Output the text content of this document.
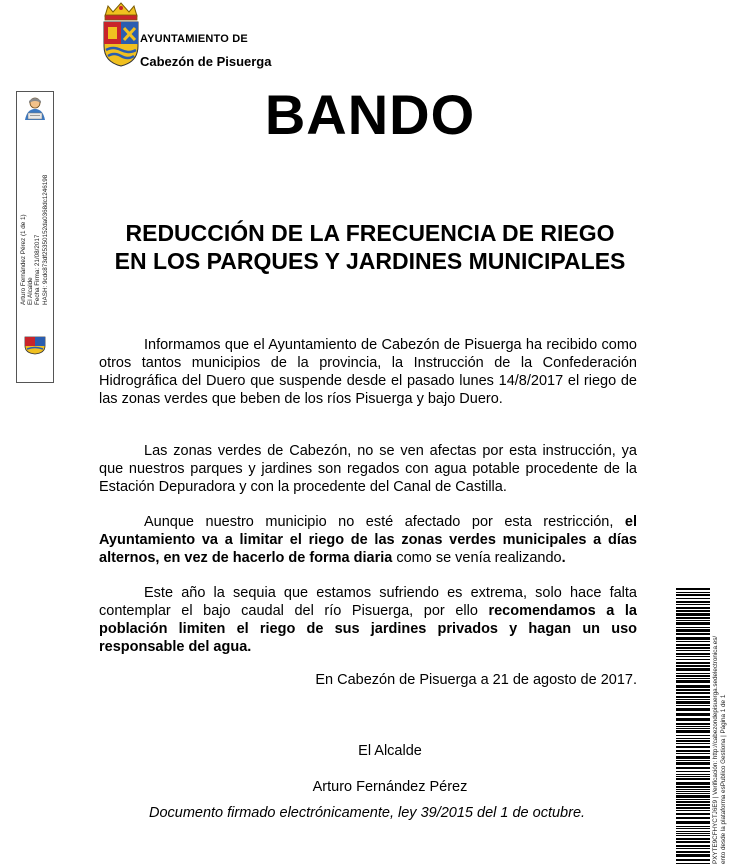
AYUNTAMIENTO DE
Cabezón de Pisuerga
Arturo Fernández Pérez (1 de 1) El Alcalde Fecha Firma: 21/08/2017 HASH: 9cdc873df25350152da0368dc1246198
BANDO
REDUCCIÓN DE LA FRECUENCIA DE RIEGO EN LOS PARQUES Y JARDINES MUNICIPALES

Informamos que el Ayuntamiento de Cabezón de Pisuerga ha recibido como otros tantos municipios de la provincia, la Instrucción de la Confederación Hidrográfica del Duero que suspende desde el pasado lunes 14/8/2017 el riego de las zonas verdes que beben de los ríos Pisuerga y bajo Duero.

Las zonas verdes de Cabezón, no se ven afectas por esta instrucción, ya que nuestros parques y jardines son regados con agua potable procedente de la Estación Depuradora y con la procedente del Canal de Castilla.

Aunque nuestro municipio no esté afectado por esta restricción, el Ayuntamiento va a limitar el riego de las zonas verdes municipales a días alternos, en vez de hacerlo de forma diaria como se venía realizando.

Este año la sequia que estamos sufriendo es extrema, solo hace falta contemplar el bajo caudal del río Pisuerga, por ello recomendamos a la población limiten el riego de sus jardines privados y hagan un uso responsable del agua.

En Cabezón de Pisuerga a 21 de agosto de 2017.

El Alcalde

Arturo Fernández Pérez

Documento firmado electrónicamente, ley 39/2015 del 1 de octubre.	PXYTE9CFHYCTJ6E9 | Verificación: http://cabezondepisuerga.sedelectronica.es/ ento desde la plataforma esPublico Gestiona | Página 1 de 1
